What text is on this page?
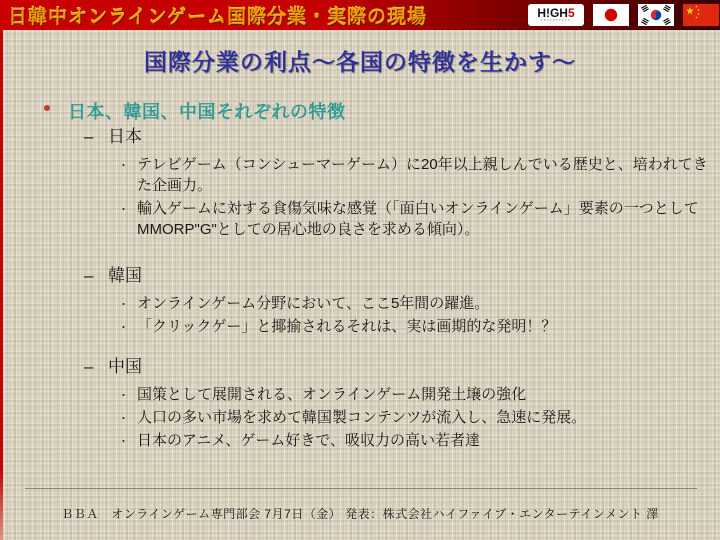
日韓中オンラインゲーム国際分業・実際の現場	H!GH5
··········
国際分業の利点～各国の特徴を生かす～
日本、韓国、中国それぞれの特徴
– 日本
・ テレビゲーム（コンシューマーゲーム）に20年以上親しんでいる歴史と、培われてきた企画力。
・ 輸入ゲームに対する食傷気味な感覚（「面白いオンラインゲーム」要素の一つとしてMMORP"G"としての居心地の良さを求める傾向）。
– 韓国
・ オンラインゲーム分野において、ここ5年間の躍進。
・ 「クリックゲー」と揶揄されるそれは、実は画期的な発明！？
– 中国
・ 国策として展開される、オンラインゲーム開発土壌の強化
・ 人口の多い市場を求めて韓国製コンテンツが流入し、急速に発展。
・ 日本のアニメ、ゲーム好きで、吸収力の高い若者達
ＢＢＡ　オンラインゲーム専門部会 7月7日（金） 発表：株式会社ハイファイブ・エンターテインメント 澤
